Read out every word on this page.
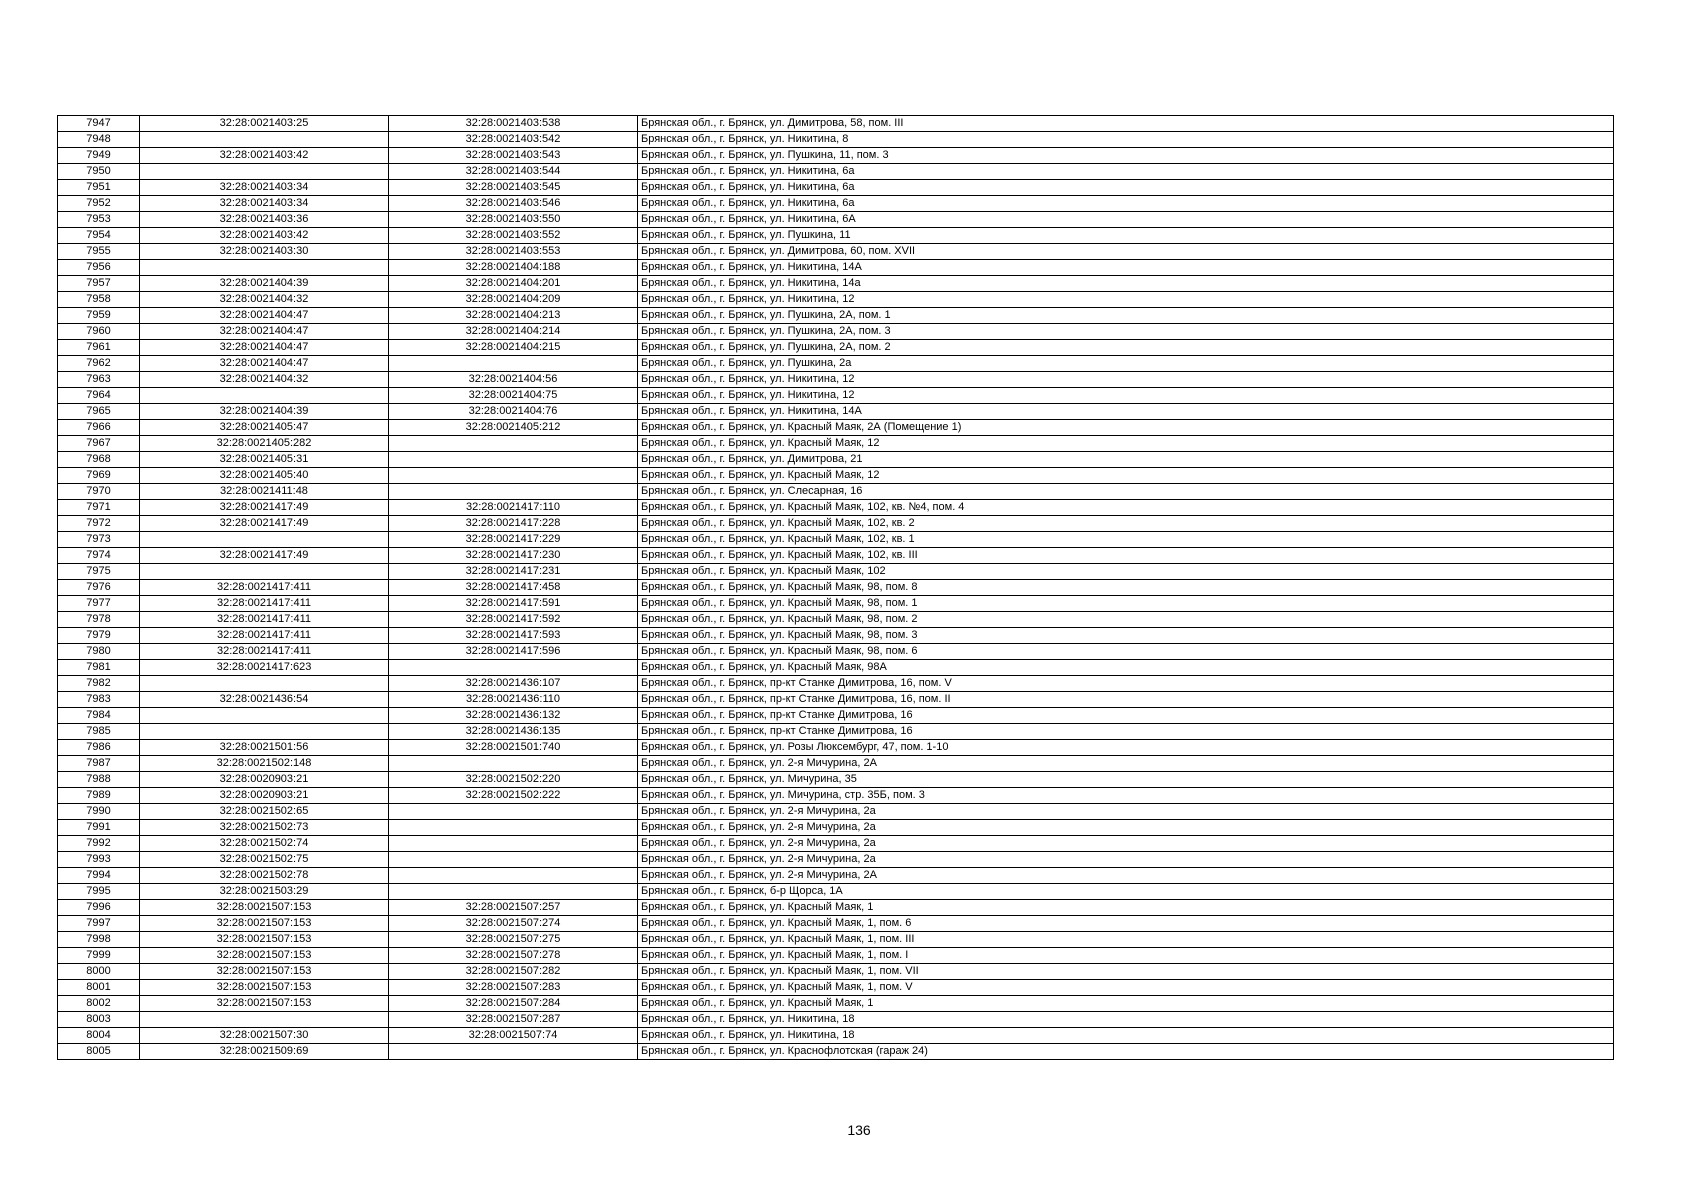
7947	32:28:0021403:25	32:28:0021403:538	Брянская обл., г. Брянск, ул. Димитрова, 58, пом. III
7948		32:28:0021403:542	Брянская обл., г. Брянск, ул. Никитина, 8
7949	32:28:0021403:42	32:28:0021403:543	Брянская обл., г. Брянск, ул. Пушкина, 11, пом. 3
7950		32:28:0021403:544	Брянская обл., г. Брянск, ул. Никитина, 6а
7951	32:28:0021403:34	32:28:0021403:545	Брянская обл., г. Брянск, ул. Никитина, 6а
7952	32:28:0021403:34	32:28:0021403:546	Брянская обл., г. Брянск, ул. Никитина, 6а
7953	32:28:0021403:36	32:28:0021403:550	Брянская обл., г. Брянск, ул. Никитина, 6А
7954	32:28:0021403:42	32:28:0021403:552	Брянская обл., г. Брянск, ул. Пушкина, 11
7955	32:28:0021403:30	32:28:0021403:553	Брянская обл., г. Брянск, ул. Димитрова, 60, пом. XVII
7956		32:28:0021404:188	Брянская обл., г. Брянск, ул. Никитина, 14А
7957	32:28:0021404:39	32:28:0021404:201	Брянская обл., г. Брянск, ул. Никитина, 14а
7958	32:28:0021404:32	32:28:0021404:209	Брянская обл., г. Брянск, ул. Никитина, 12
7959	32:28:0021404:47	32:28:0021404:213	Брянская обл., г. Брянск, ул. Пушкина, 2А, пом. 1
7960	32:28:0021404:47	32:28:0021404:214	Брянская обл., г. Брянск, ул. Пушкина, 2А, пом. 3
7961	32:28:0021404:47	32:28:0021404:215	Брянская обл., г. Брянск, ул. Пушкина, 2А, пом. 2
7962	32:28:0021404:47		Брянская обл., г. Брянск, ул. Пушкина, 2а
7963	32:28:0021404:32	32:28:0021404:56	Брянская обл., г. Брянск, ул. Никитина, 12
7964		32:28:0021404:75	Брянская обл., г. Брянск, ул. Никитина, 12
7965	32:28:0021404:39	32:28:0021404:76	Брянская обл., г. Брянск, ул. Никитина, 14А
7966	32:28:0021405:47	32:28:0021405:212	Брянская обл., г. Брянск, ул. Красный Маяк, 2А (Помещение 1)
7967	32:28:0021405:282		Брянская обл., г. Брянск, ул. Красный Маяк, 12
7968	32:28:0021405:31		Брянская обл., г. Брянск, ул. Димитрова, 21
7969	32:28:0021405:40		Брянская обл., г. Брянск, ул. Красный Маяк, 12
7970	32:28:0021411:48		Брянская обл., г. Брянск, ул. Слесарная, 16
7971	32:28:0021417:49	32:28:0021417:110	Брянская обл., г. Брянск, ул. Красный Маяк, 102, кв. №4, пом. 4
7972	32:28:0021417:49	32:28:0021417:228	Брянская обл., г. Брянск, ул. Красный Маяк, 102, кв. 2
7973		32:28:0021417:229	Брянская обл., г. Брянск, ул. Красный Маяк, 102, кв. 1
7974	32:28:0021417:49	32:28:0021417:230	Брянская обл., г. Брянск, ул. Красный Маяк, 102, кв. III
7975		32:28:0021417:231	Брянская обл., г. Брянск, ул. Красный Маяк, 102
7976	32:28:0021417:411	32:28:0021417:458	Брянская обл., г. Брянск, ул. Красный Маяк, 98, пом. 8
7977	32:28:0021417:411	32:28:0021417:591	Брянская обл., г. Брянск, ул. Красный Маяк, 98, пом. 1
7978	32:28:0021417:411	32:28:0021417:592	Брянская обл., г. Брянск, ул. Красный Маяк, 98, пом. 2
7979	32:28:0021417:411	32:28:0021417:593	Брянская обл., г. Брянск, ул. Красный Маяк, 98, пом. 3
7980	32:28:0021417:411	32:28:0021417:596	Брянская обл., г. Брянск, ул. Красный Маяк, 98, пом. 6
7981	32:28:0021417:623		Брянская обл., г. Брянск, ул. Красный Маяк, 98А
7982		32:28:0021436:107	Брянская обл., г. Брянск, пр-кт Станке Димитрова, 16, пом. V
7983	32:28:0021436:54	32:28:0021436:110	Брянская обл., г. Брянск, пр-кт Станке Димитрова, 16, пом. II
7984		32:28:0021436:132	Брянская обл., г. Брянск, пр-кт Станке Димитрова, 16
7985		32:28:0021436:135	Брянская обл., г. Брянск, пр-кт Станке Димитрова, 16
7986	32:28:0021501:56	32:28:0021501:740	Брянская обл., г. Брянск, ул. Розы Люксембург, 47, пом. 1-10
7987	32:28:0021502:148		Брянская обл., г. Брянск, ул. 2-я Мичурина, 2А
7988	32:28:0020903:21	32:28:0021502:220	Брянская обл., г. Брянск, ул. Мичурина, 35
7989	32:28:0020903:21	32:28:0021502:222	Брянская обл., г. Брянск, ул. Мичурина, стр. 35Б, пом. 3
7990	32:28:0021502:65		Брянская обл., г. Брянск, ул. 2-я Мичурина, 2а
7991	32:28:0021502:73		Брянская обл., г. Брянск, ул. 2-я Мичурина, 2а
7992	32:28:0021502:74		Брянская обл., г. Брянск, ул. 2-я Мичурина, 2а
7993	32:28:0021502:75		Брянская обл., г. Брянск, ул. 2-я Мичурина, 2а
7994	32:28:0021502:78		Брянская обл., г. Брянск, ул. 2-я Мичурина, 2А
7995	32:28:0021503:29		Брянская обл., г. Брянск, б-р Щорса, 1А
7996	32:28:0021507:153	32:28:0021507:257	Брянская обл., г. Брянск, ул. Красный Маяк, 1
7997	32:28:0021507:153	32:28:0021507:274	Брянская обл., г. Брянск, ул. Красный Маяк, 1, пом. 6
7998	32:28:0021507:153	32:28:0021507:275	Брянская обл., г. Брянск, ул. Красный Маяк, 1, пом. III
7999	32:28:0021507:153	32:28:0021507:278	Брянская обл., г. Брянск, ул. Красный Маяк, 1, пом. I
8000	32:28:0021507:153	32:28:0021507:282	Брянская обл., г. Брянск, ул. Красный Маяк, 1, пом. VII
8001	32:28:0021507:153	32:28:0021507:283	Брянская обл., г. Брянск, ул. Красный Маяк, 1, пом. V
8002	32:28:0021507:153	32:28:0021507:284	Брянская обл., г. Брянск, ул. Красный Маяк, 1
8003		32:28:0021507:287	Брянская обл., г. Брянск, ул. Никитина, 18
8004	32:28:0021507:30	32:28:0021507:74	Брянская обл., г. Брянск, ул. Никитина, 18
8005	32:28:0021509:69		Брянская обл., г. Брянск, ул. Краснофлотская (гараж 24)
136
